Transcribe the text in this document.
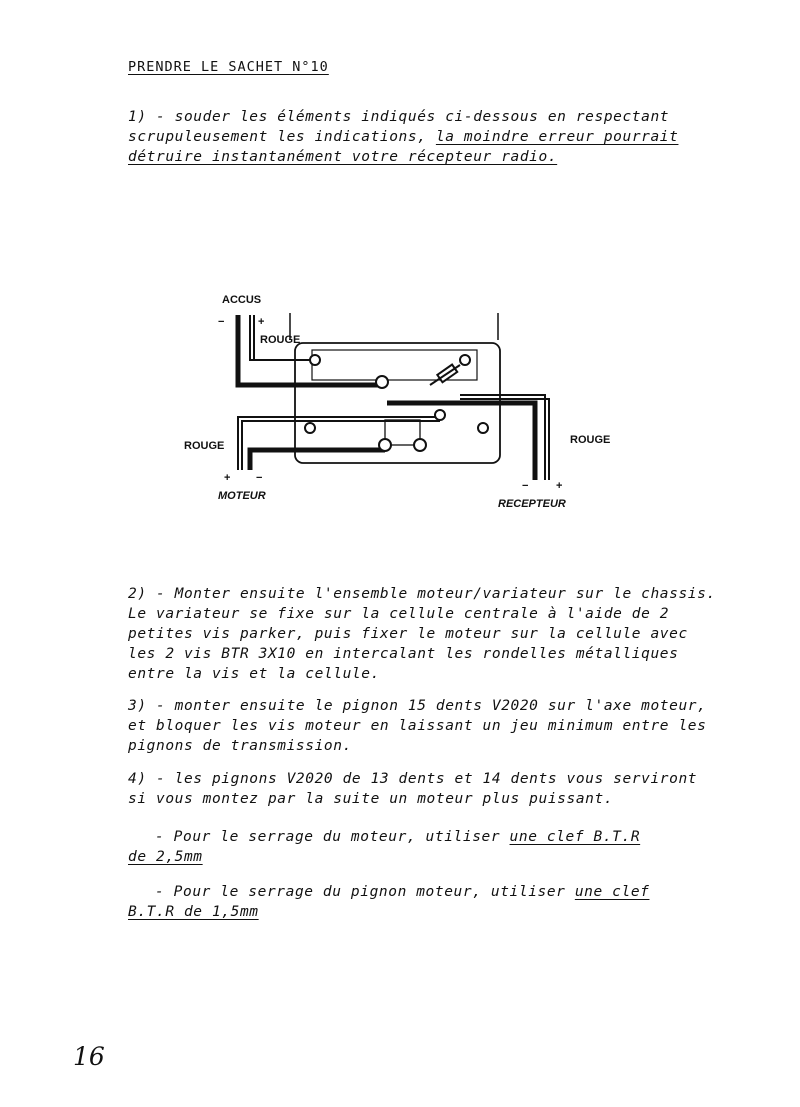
PRENDRE LE SACHET N°10
1) - souder les éléments indiqués ci-dessous en respectant
scrupuleusement les indications, la moindre erreur pourrait
détruire instantanément votre récepteur radio.
ACCUS
−	+
ROUGE
ROUGE	ROUGE
+ −
MOTEUR
−	+
RECEPTEUR
2) - Monter ensuite l'ensemble moteur/variateur sur le chassis.
Le variateur se fixe sur la cellule centrale à l'aide de 2
petites vis parker, puis fixer le moteur sur la cellule avec
les 2 vis BTR 3X10 en intercalant les rondelles métalliques
entre la vis et la cellule.
3) - monter ensuite le pignon 15 dents V2020 sur l'axe moteur,
et bloquer les vis moteur en laissant un jeu minimum entre les
pignons de transmission.
4) - les pignons V2020 de 13 dents et 14 dents vous serviront
si vous montez par la suite un moteur plus puissant.
- Pour le serrage du moteur, utiliser une clef B.T.R
de 2,5mm
- Pour le serrage du pignon moteur, utiliser une clef
B.T.R de 1,5mm
16
